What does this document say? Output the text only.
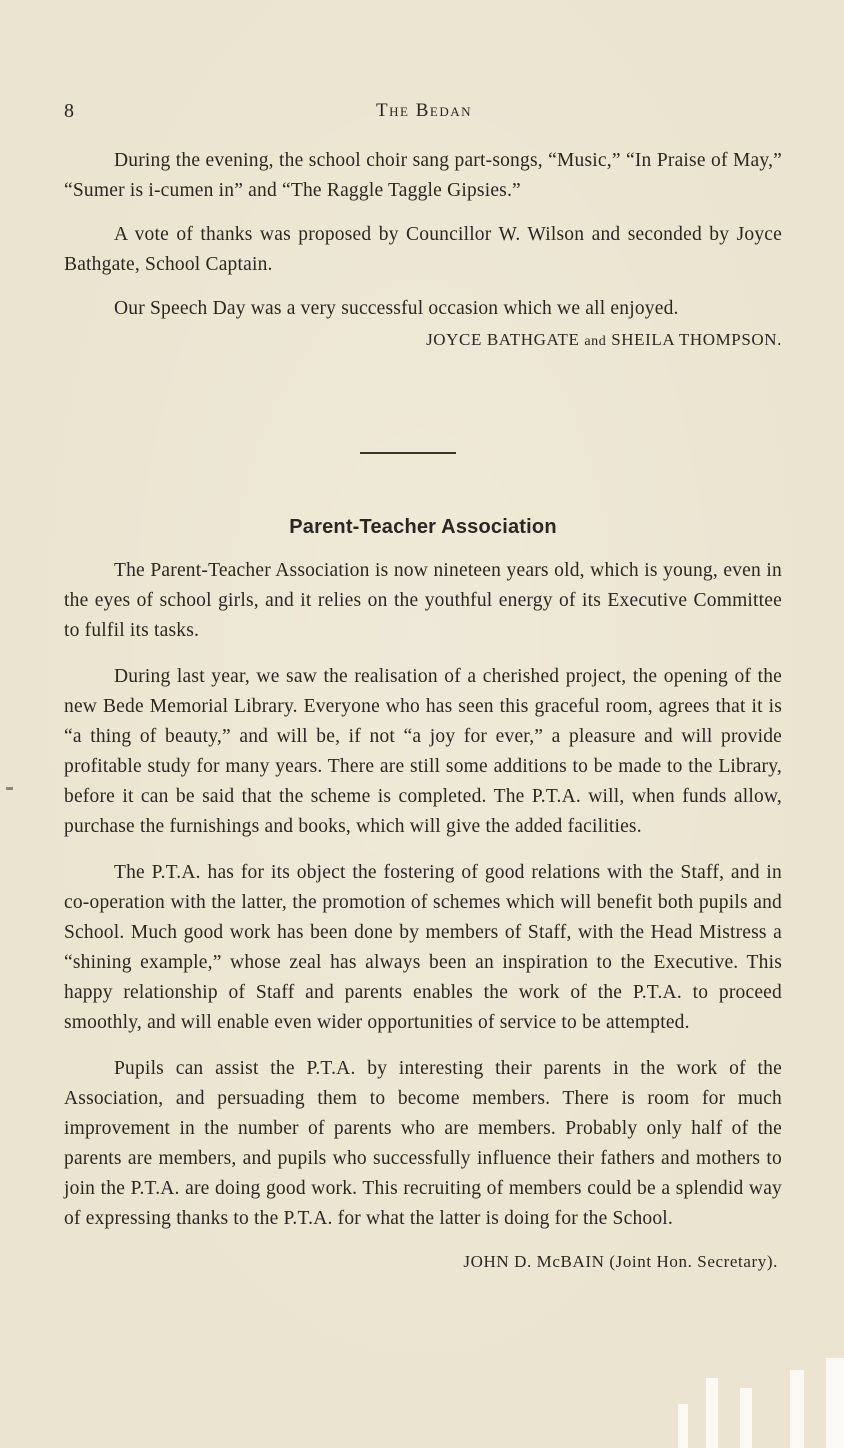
8	The Bedan

During the evening, the school choir sang part-songs, “Music,” “In Praise of May,” “Sumer is i-cumen in” and “The Raggle Taggle Gipsies.”

A vote of thanks was proposed by Councillor W. Wilson and seconded by Joyce Bathgate, School Captain.

Our Speech Day was a very successful occasion which we all enjoyed.

JOYCE BATHGATE and SHEILA THOMPSON.
Parent-Teacher Association

The Parent-Teacher Association is now nineteen years old, which is young, even in the eyes of school girls, and it relies on the youthful energy of its Executive Committee to fulfil its tasks.

During last year, we saw the realisation of a cherished project, the opening of the new Bede Memorial Library. Everyone who has seen this graceful room, agrees that it is “a thing of beauty,” and will be, if not “a joy for ever,” a pleasure and will provide profitable study for many years. There are still some additions to be made to the Library, before it can be said that the scheme is completed. The P.T.A. will, when funds allow, purchase the furnishings and books, which will give the added facilities.

The P.T.A. has for its object the fostering of good relations with the Staff, and in co-operation with the latter, the promotion of schemes which will benefit both pupils and School. Much good work has been done by members of Staff, with the Head Mistress a “shining example,” whose zeal has always been an inspiration to the Executive. This happy relationship of Staff and parents enables the work of the P.T.A. to proceed smoothly, and will enable even wider opportunities of service to be attempted.

Pupils can assist the P.T.A. by interesting their parents in the work of the Association, and persuading them to become members. There is room for much improvement in the number of parents who are members. Probably only half of the parents are members, and pupils who successfully influence their fathers and mothers to join the P.T.A. are doing good work. This recruiting of members could be a splendid way of expressing thanks to the P.T.A. for what the latter is doing for the School.

JOHN D. McBAIN (Joint Hon. Secretary).
